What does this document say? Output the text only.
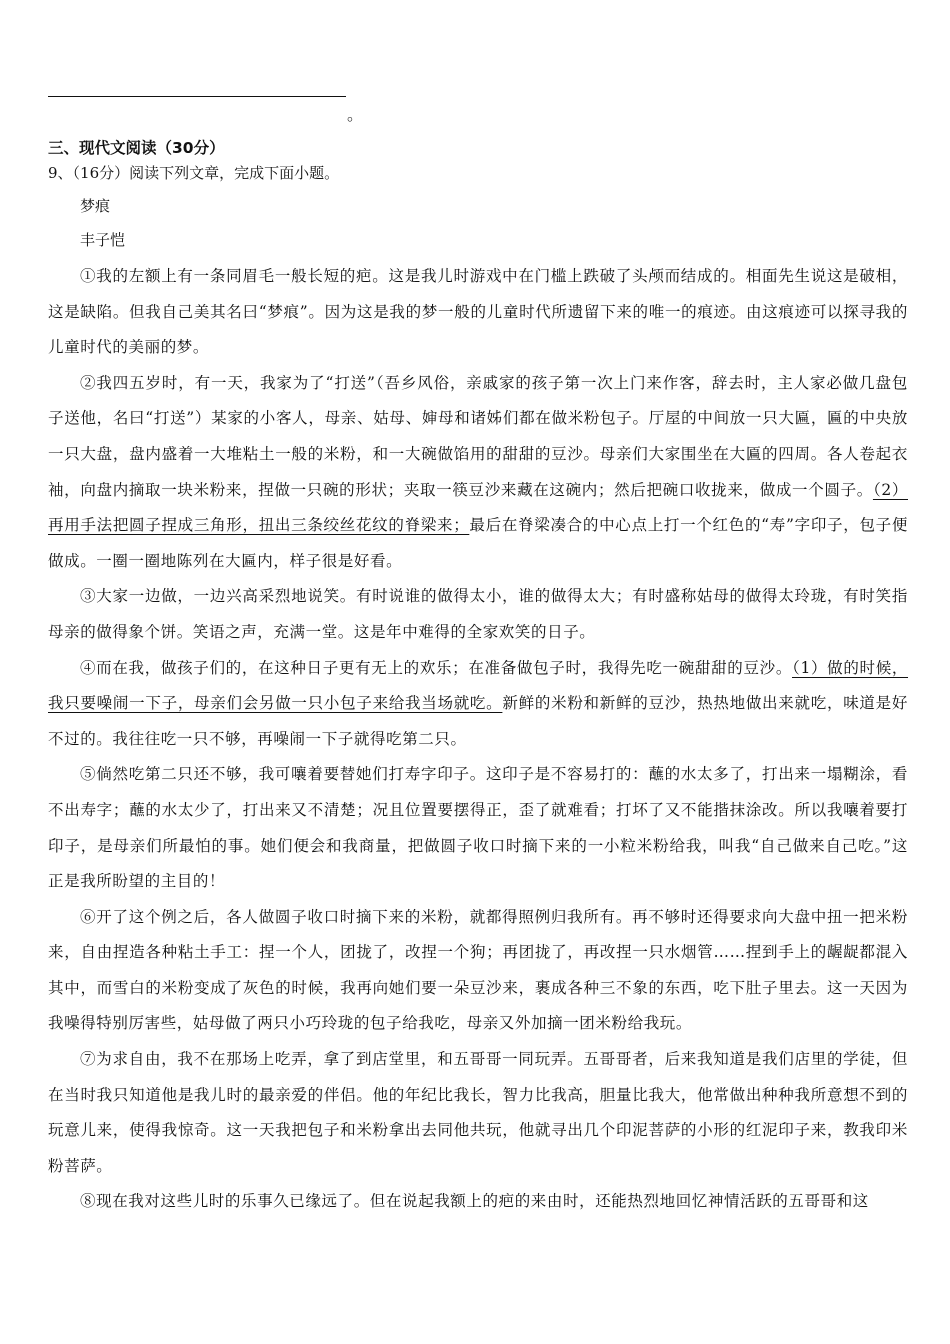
。
三、现代文阅读（30分）
9、（16分）阅读下列文章，完成下面小题。
梦痕
丰子恺

①我的左额上有一条同眉毛一般长短的疤。这是我儿时游戏中在门槛上跌破了头颅而结成的。相面先生说这是破相，这是缺陷。但我自己美其名曰“梦痕”。因为这是我的梦一般的儿童时代所遗留下来的唯一的痕迹。由这痕迹可以探寻我的儿童时代的美丽的梦。

②我四五岁时，有一天，我家为了“打送”（吾乡风俗，亲戚家的孩子第一次上门来作客，辞去时，主人家必做几盘包子送他，名曰“打送”）某家的小客人，母亲、姑母、婶母和诸姊们都在做米粉包子。厅屋的中间放一只大匾，匾的中央放一只大盘，盘内盛着一大堆粘土一般的米粉，和一大碗做馅用的甜甜的豆沙。母亲们大家围坐在大匾的四周。各人卷起衣袖，向盘内摘取一块米粉来，捏做一只碗的形状；夹取一筷豆沙来藏在这碗内；然后把碗口收拢来，做成一个圆子。（2）再用手法把圆子捏成三角形，扭出三条绞丝花纹的脊梁来；最后在脊梁凑合的中心点上打一个红色的“寿”字印子，包子便做成。一圈一圈地陈列在大匾内，样子很是好看。

③大家一边做，一边兴高采烈地说笑。有时说谁的做得太小，谁的做得太大；有时盛称姑母的做得太玲珑，有时笑指母亲的做得象个饼。笑语之声，充满一堂。这是年中难得的全家欢笑的日子。

④而在我，做孩子们的，在这种日子更有无上的欢乐；在准备做包子时，我得先吃一碗甜甜的豆沙。（1）做的时候，我只要噪闹一下子，母亲们会另做一只小包子来给我当场就吃。新鲜的米粉和新鲜的豆沙，热热地做出来就吃，味道是好不过的。我往往吃一只不够，再噪闹一下子就得吃第二只。

⑤倘然吃第二只还不够，我可嚷着要替她们打寿字印子。这印子是不容易打的：蘸的水太多了，打出来一塌糊涂，看不出寿字；蘸的水太少了，打出来又不清楚；况且位置要摆得正，歪了就难看；打坏了又不能揩抹涂改。所以我嚷着要打印子，是母亲们所最怕的事。她们便会和我商量，把做圆子收口时摘下来的一小粒米粉给我，叫我“自己做来自己吃。”这正是我所盼望的主目的！

⑥开了这个例之后，各人做圆子收口时摘下来的米粉，就都得照例归我所有。再不够时还得要求向大盘中扭一把米粉来，自由捏造各种粘土手工：捏一个人，团拢了，改捏一个狗；再团拢了，再改捏一只水烟管……捏到手上的龌龊都混入其中，而雪白的米粉变成了灰色的时候，我再向她们要一朵豆沙来，裹成各种三不象的东西，吃下肚子里去。这一天因为我噪得特别厉害些，姑母做了两只小巧玲珑的包子给我吃，母亲又外加摘一团米粉给我玩。

⑦为求自由，我不在那场上吃弄，拿了到店堂里，和五哥哥一同玩弄。五哥哥者，后来我知道是我们店里的学徒，但在当时我只知道他是我儿时的最亲爱的伴侣。他的年纪比我长，智力比我高，胆量比我大，他常做出种种我所意想不到的玩意儿来，使得我惊奇。这一天我把包子和米粉拿出去同他共玩，他就寻出几个印泥菩萨的小形的红泥印子来，教我印米粉菩萨。

⑧现在我对这些儿时的乐事久已缘远了。但在说起我额上的疤的来由时，还能热烈地回忆神情活跃的五哥哥和这
